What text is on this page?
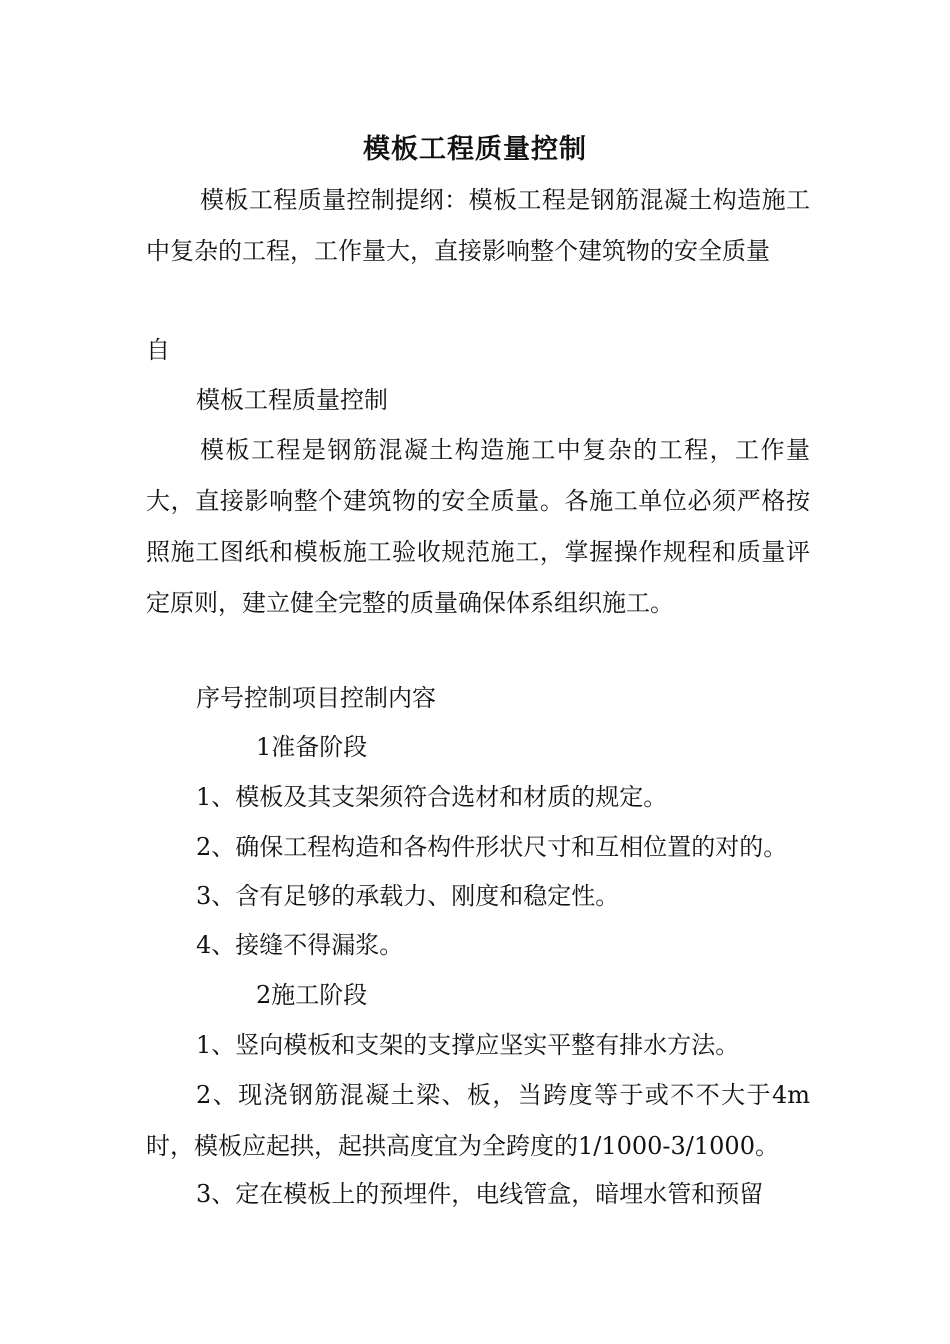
模板工程质量控制
模板工程质量控制提纲：模板工程是钢筋混凝土构造施工中复杂的工程，工作量大，直接影响整个建筑物的安全质量
自
模板工程质量控制
模板工程是钢筋混凝土构造施工中复杂的工程，工作量大，直接影响整个建筑物的安全质量。各施工单位必须严格按照施工图纸和模板施工验收规范施工，掌握操作规程和质量评定原则，建立健全完整的质量确保体系组织施工。
序号控制项目控制内容
1准备阶段
1、模板及其支架须符合选材和材质的规定。
2、确保工程构造和各构件形状尺寸和互相位置的对的。
3、含有足够的承载力、刚度和稳定性。
4、接缝不得漏浆。
2施工阶段
1、竖向模板和支架的支撑应坚实平整有排水方法。
2、现浇钢筋混凝土梁、板，当跨度等于或不不大于4m时，模板应起拱，起拱高度宜为全跨度的1/1000-3/1000。
3、定在模板上的预埋件，电线管盒，暗埋水管和预留
